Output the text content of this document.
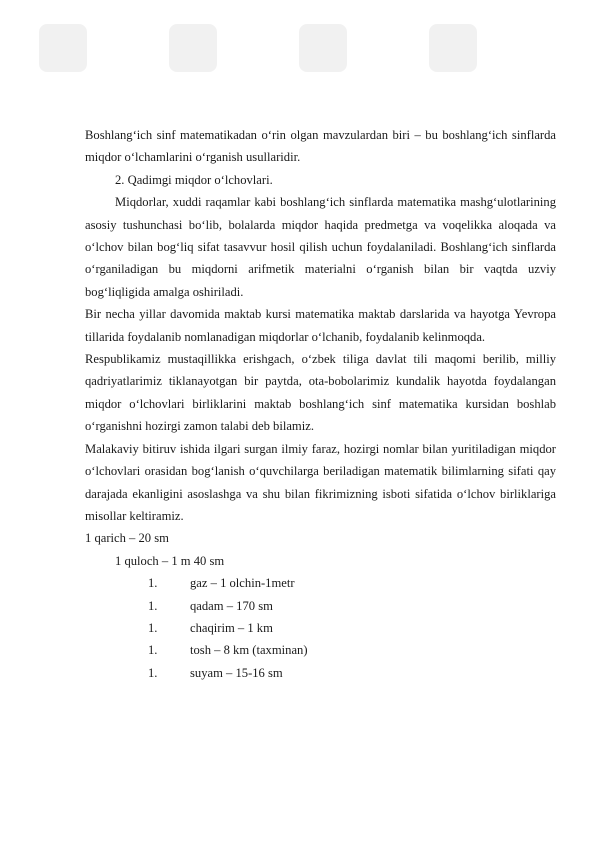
Boshlang‘ich sinf matematikadan o‘rin olgan mavzulardan biri – bu boshlang‘ich sinflarda miqdor o‘lchamlarini o‘rganish usullaridir.

2. Qadimgi miqdor o‘lchovlari.

Miqdorlar, xuddi raqamlar kabi boshlang‘ich sinflarda matematika mashg‘ulotlarining asosiy tushunchasi bo‘lib, bolalarda miqdor haqida predmetga va voqelikka aloqada va o‘lchov bilan bog‘liq sifat tasavvur hosil qilish uchun foydalaniladi. Boshlang‘ich sinflarda o‘rganiladigan bu miqdorni arifmetik materialni o‘rganish bilan bir vaqtda uzviy bog‘liqligida amalga oshiriladi.

Bir necha yillar davomida maktab kursi matematika maktab darslarida va hayotga Yevropa tillarida foydalanib nomlanadigan miqdorlar o‘lchanib, foydalanib kelinmoqda.

Respublikamiz mustaqillikka erishgach, o‘zbek tiliga davlat tili maqomi berilib, milliy qadriyatlarimiz tiklanayotgan bir paytda, ota-bobolarimiz kundalik hayotda foydalangan miqdor o‘lchovlari birliklarini maktab boshlang‘ich sinf matematika kursidan boshlab o‘rganishni hozirgi zamon talabi deb bilamiz.

Malakaviy bitiruv ishida ilgari surgan ilmiy faraz, hozirgi nomlar bilan yuritiladigan miqdor o‘lchovlari orasidan bog‘lanish o‘quvchilarga beriladigan matematik bilimlarning sifati qay darajada ekanligini asoslashga va shu bilan fikrimizning isboti sifatida o‘lchov birliklariga misollar keltiramiz.

1 qarich – 20 sm

1 quloch – 1 m 40 sm

1.	gaz – 1 olchin-1metr
1.	qadam – 170 sm
1.	chaqirim – 1 km
1.	tosh – 8 km (taxminan)
1.	suyam – 15-16 sm
